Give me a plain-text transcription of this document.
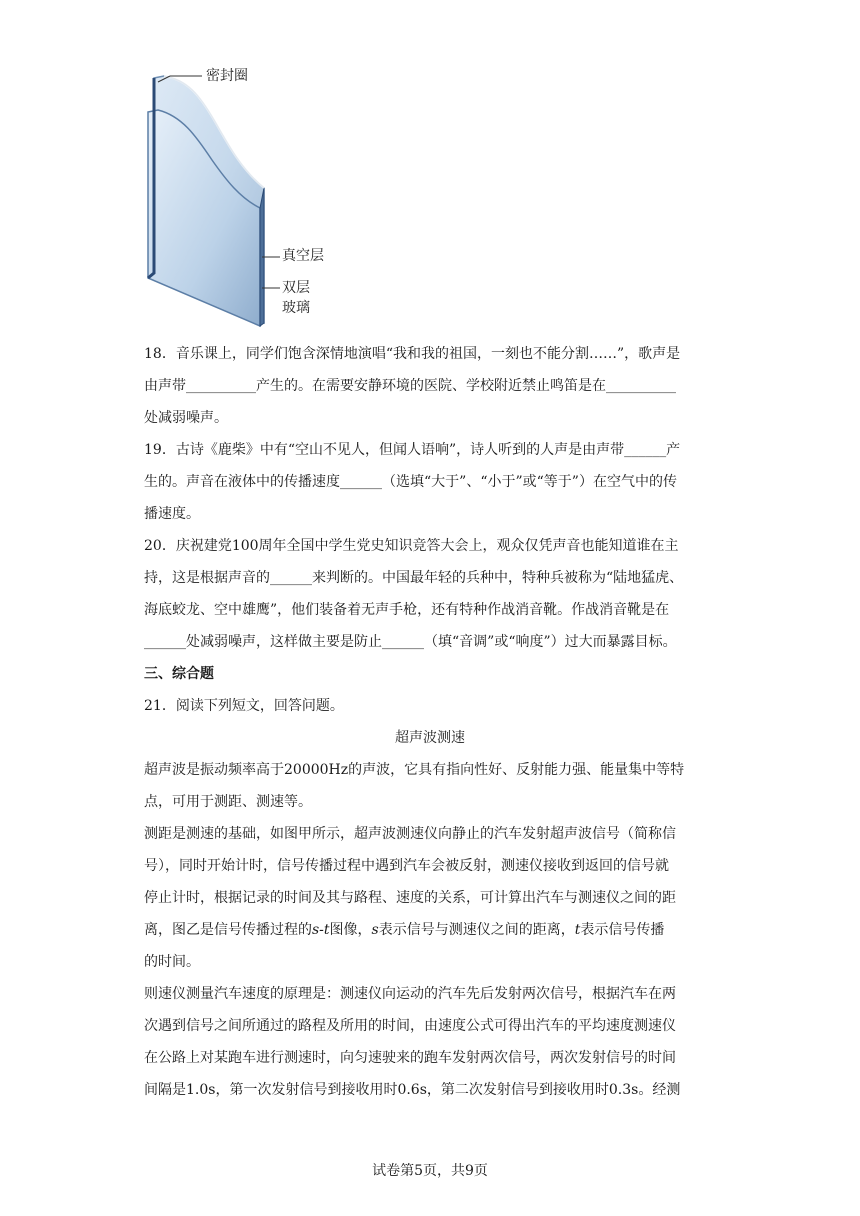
密封圈
真空层
双层
玻璃

18．音乐课上，同学们饱含深情地演唱“我和我的祖国，一刻也不能分割……”，歌声是

由声带__________产生的。在需要安静环境的医院、学校附近禁止鸣笛是在__________

处减弱噪声。

19．古诗《鹿柴》中有“空山不见人，但闻人语响”，诗人听到的人声是由声带______产

生的。声音在液体中的传播速度______（选填“大于”、“小于”或“等于”）在空气中的传

播速度。

20．庆祝建党100周年全国中学生党史知识竞答大会上，观众仅凭声音也能知道谁在主

持，这是根据声音的______来判断的。中国最年轻的兵种中，特种兵被称为“陆地猛虎、

海底蛟龙、空中雄鹰”，他们装备着无声手枪，还有特种作战消音靴。作战消音靴是在

______处减弱噪声，这样做主要是防止______（填“音调”或“响度”）过大而暴露目标。

三、综合题

21．阅读下列短文，回答问题。

超声波测速

超声波是振动频率高于20000Hz的声波，它具有指向性好、反射能力强、能量集中等特

点，可用于测距、测速等。

测距是测速的基础，如图甲所示，超声波测速仪向静止的汽车发射超声波信号（简称信

号），同时开始计时，信号传播过程中遇到汽车会被反射，测速仪接收到返回的信号就

停止计时，根据记录的时间及其与路程、速度的关系，可计算出汽车与测速仪之间的距

离，图乙是信号传播过程的s-t图像，s表示信号与测速仪之间的距离，t表示信号传播

的时间。

则速仪测量汽车速度的原理是：测速仪向运动的汽车先后发射两次信号，根据汽车在两

次遇到信号之间所通过的路程及所用的时间，由速度公式可得出汽车的平均速度测速仪

在公路上对某跑车进行测速时，向匀速驶来的跑车发射两次信号，两次发射信号的时间

间隔是1.0s，第一次发射信号到接收用时0.6s，第二次发射信号到接收用时0.3s。经测

试卷第5页，共9页
